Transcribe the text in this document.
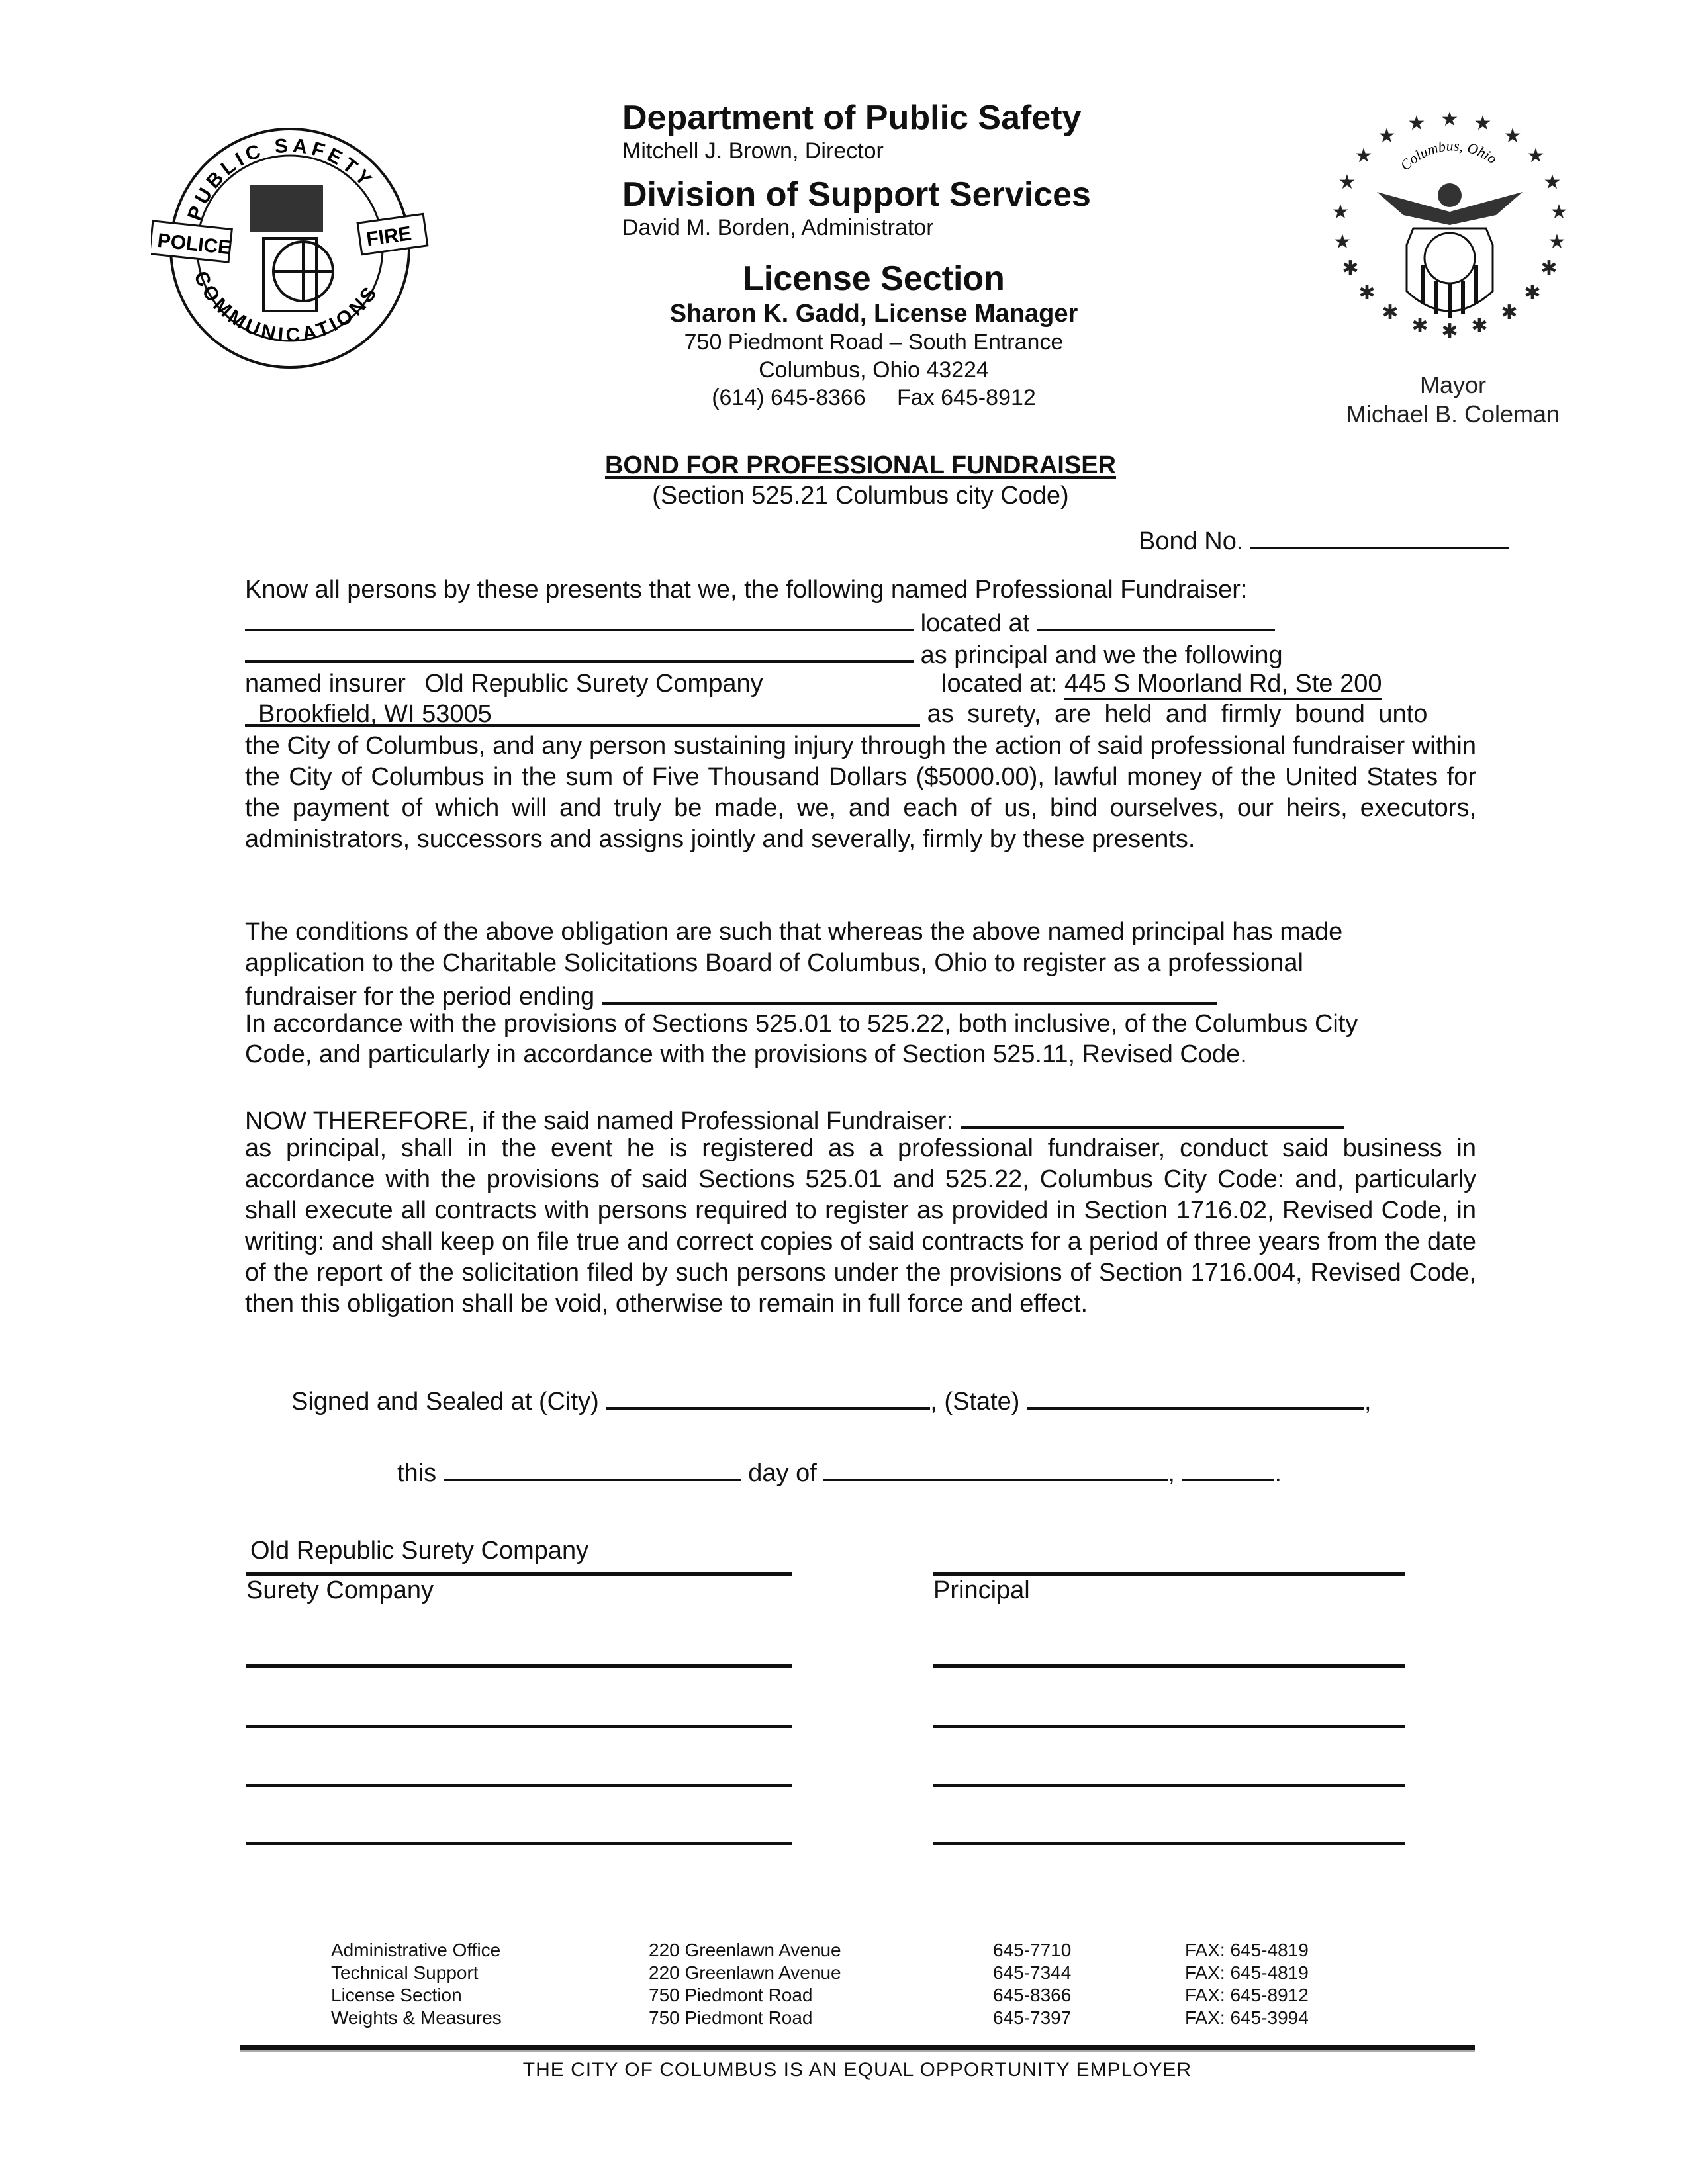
PUBLIC SAFETY
COMMUNICATIONS
POLICE	FIRE
Department of Public Safety
Mitchell J. Brown, Director
Division of Support Services
David M. Borden, Administrator
License Section
Sharon K. Gadd, License Manager
750 Piedmont Road – South Entrance
Columbus, Ohio 43224
(614) 645-8366     Fax 645-8912
★ ★
★
★
★
★
★
★
★
★
★
★
★
✱
✱
✱
✱
✱
✱
✱
✱ ✱
Columbus, Ohio
Mayor
Michael B. Coleman
BOND FOR PROFESSIONAL FUNDRAISER
(Section 525.21 Columbus city Code)
Bond No.
Know all persons by these presents that we, the following named Professional Fundraiser:
located at
as principal and we the following
named insurer Old Republic Surety Company	located at: 445 S Moorland Rd, Ste 200
Brookfield, WI 53005	as surety, are held and firmly bound unto
the City of Columbus, and any person sustaining injury through the action of said professional fundraiser within the City of Columbus in the sum of Five Thousand Dollars ($5000.00), lawful money of the United States for the payment of which will and truly be made, we, and each of us, bind ourselves, our heirs, executors, administrators, successors and assigns jointly and severally, firmly by these presents.
The conditions of the above obligation are such that whereas the above named principal has made
application to the Charitable Solicitations Board of Columbus, Ohio to register as a professional
fundraiser for the period ending
In accordance with the provisions of Sections 525.01 to 525.22, both inclusive, of the Columbus City
Code, and particularly in accordance with the provisions of Section 525.11, Revised Code.
NOW THEREFORE, if the said named Professional Fundraiser:
as principal, shall in the event he is registered as a professional fundraiser, conduct said business in accordance with the provisions of said Sections 525.01 and 525.22, Columbus City Code: and, particularly shall execute all contracts with persons required to register as provided in Section 1716.02, Revised Code, in writing: and shall keep on file true and correct copies of said contracts for a period of three years from the date of the report of the solicitation filed by such persons under the provisions of Section 1716.004, Revised Code, then this obligation shall be void, otherwise to remain in full force and effect.
Signed and Sealed at (City)	, (State)	,
this	day of	,	.
Old Republic Surety Company
Surety Company	Principal
Administrative Office	220 Greenlawn Avenue	645-7710	FAX: 645-4819
Technical Support	220 Greenlawn Avenue	645-7344	FAX: 645-4819
License Section	750 Piedmont Road	645-8366	FAX: 645-8912
Weights & Measures	750 Piedmont Road	645-7397	FAX: 645-3994
THE CITY OF COLUMBUS IS AN EQUAL OPPORTUNITY EMPLOYER
